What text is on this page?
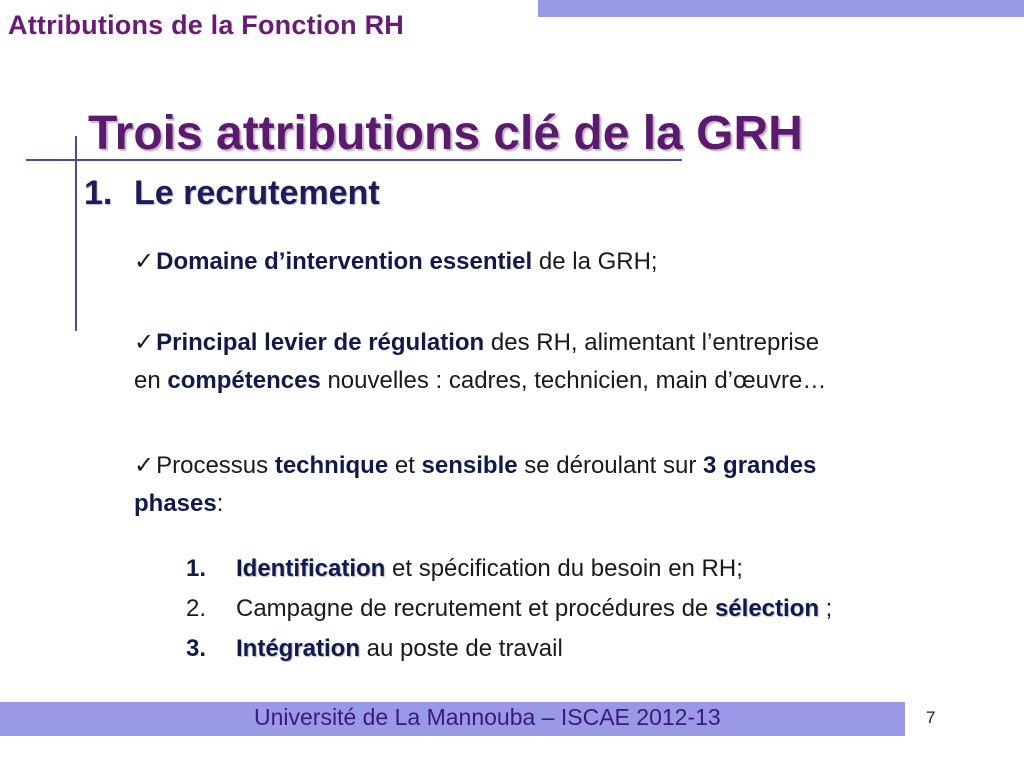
Attributions de la Fonction RH
Trois attributions clé de la GRH
1. Le recrutement
✓Domaine d’intervention essentiel de la GRH;
✓Principal levier de régulation des RH, alimentant l’entreprise
en compétences nouvelles : cadres, technicien, main d’œuvre…
✓Processus technique et sensible se déroulant sur 3 grandes
phases:
1. Identification et spécification du besoin en RH;
2. Campagne de recrutement et procédures de sélection ;
3. Intégration au poste de travail
Université de La Mannouba – ISCAE 2012-13	7
